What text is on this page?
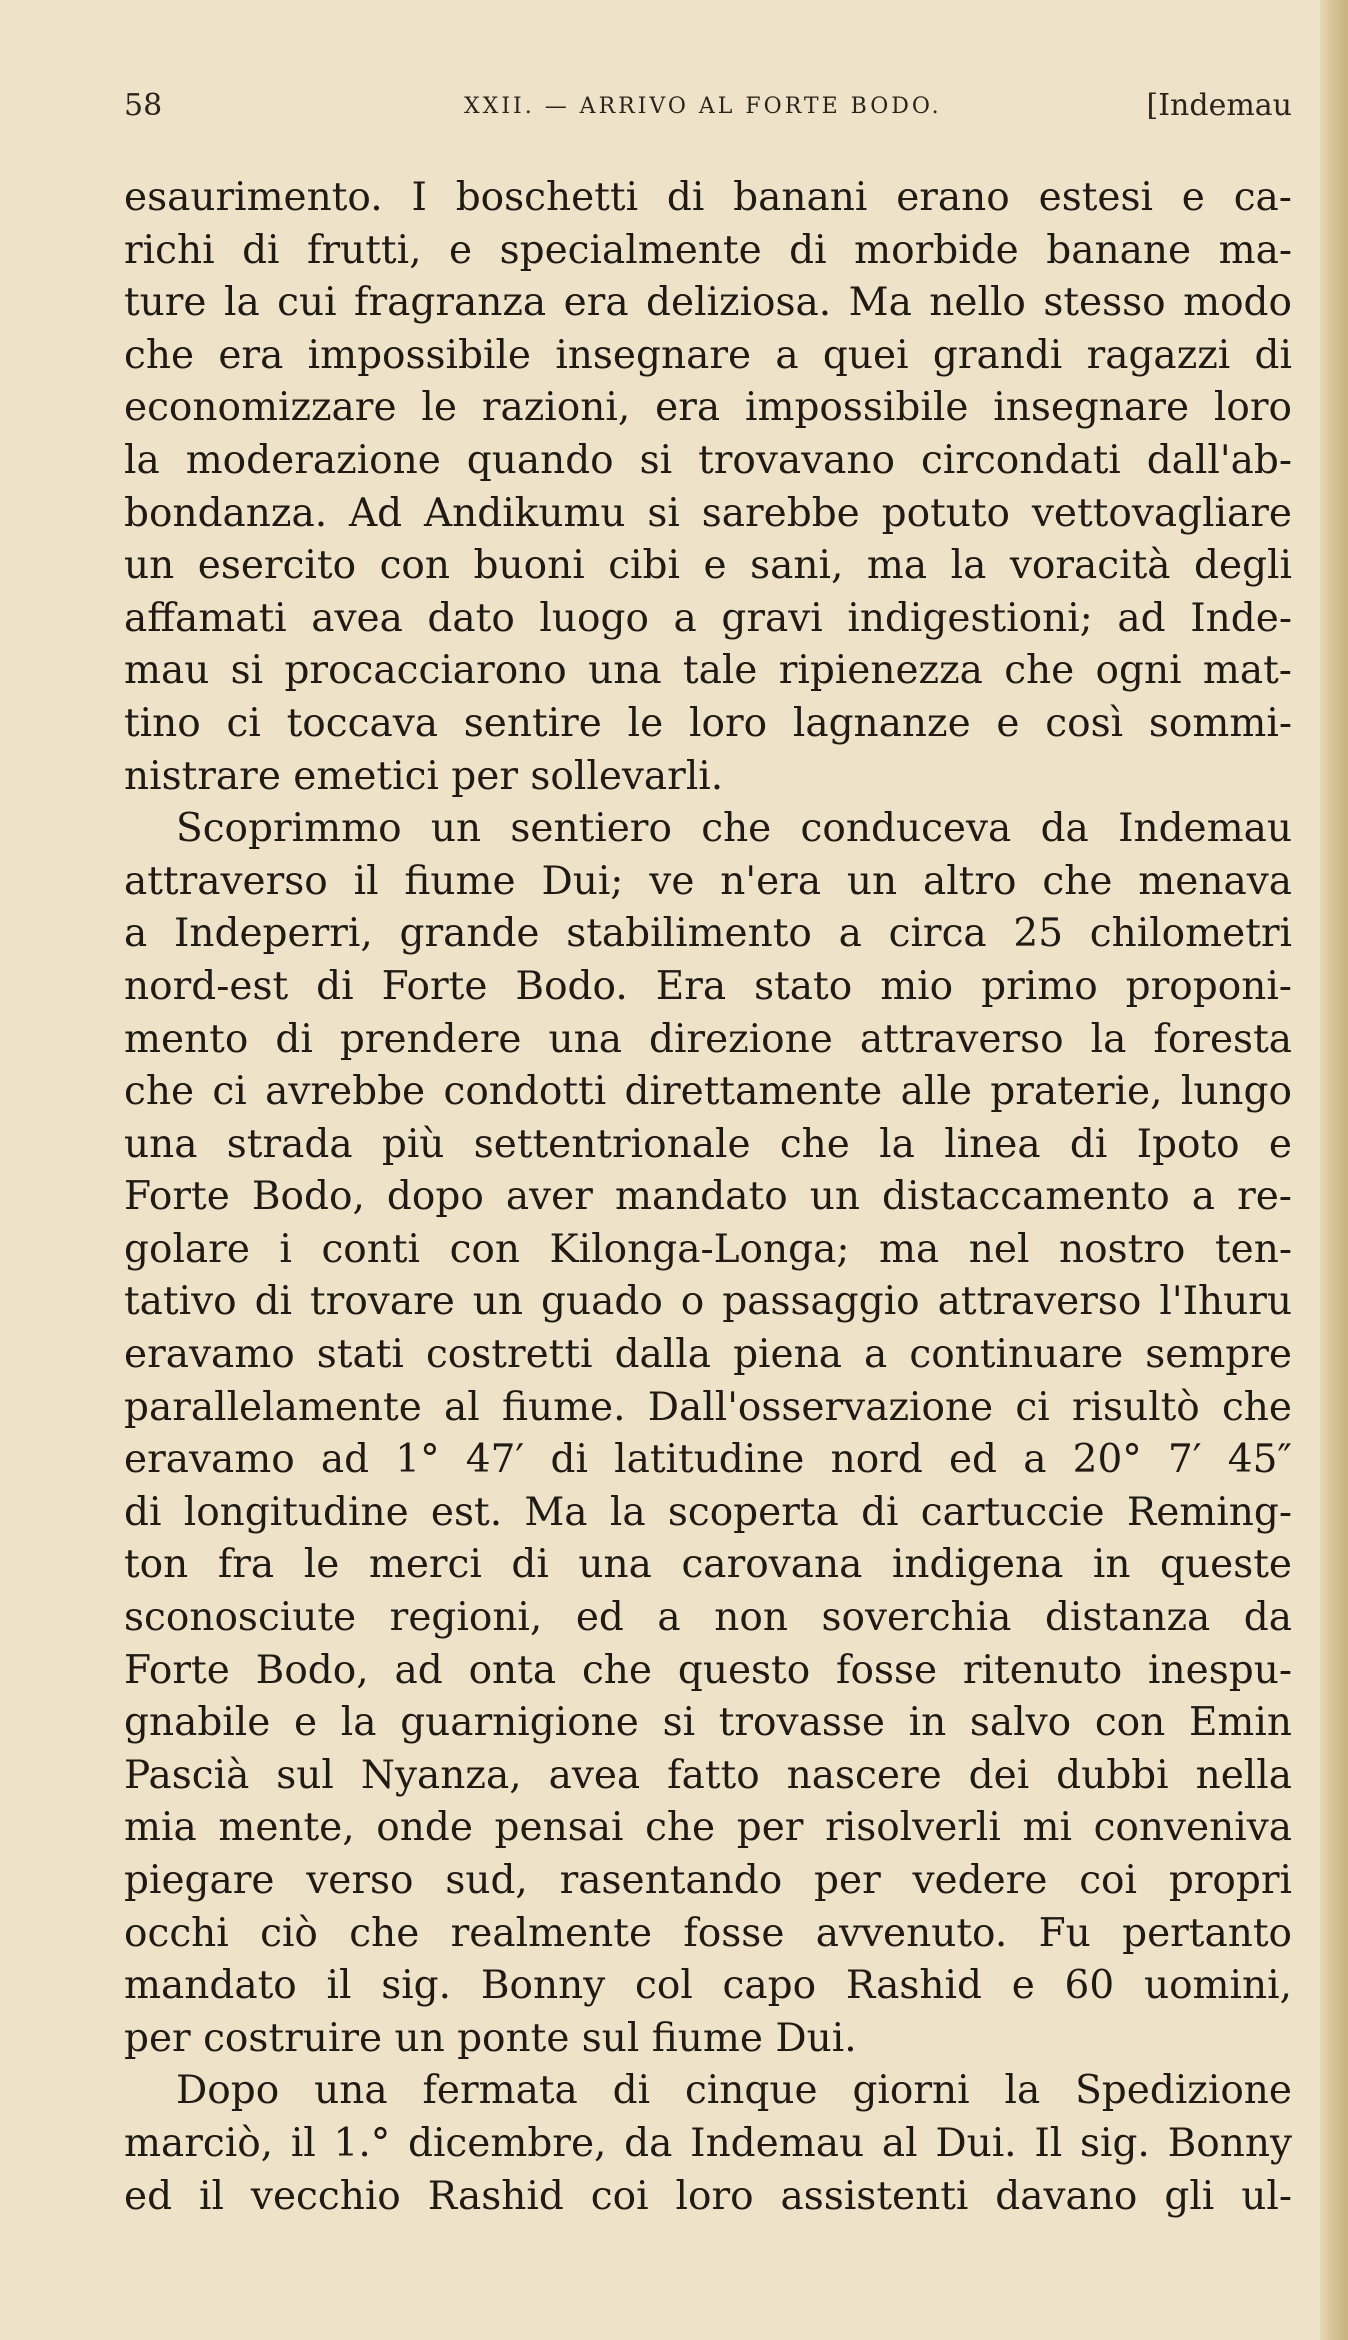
58	XXII. — ARRIVO AL FORTE BODO.	[Indemau
esaurimento. I boschetti di banani erano estesi e ca-
richi di frutti, e specialmente di morbide banane ma-
ture la cui fragranza era deliziosa. Ma nello stesso modo
che era impossibile insegnare a quei grandi ragazzi di
economizzare le razioni, era impossibile insegnare loro
la moderazione quando si trovavano circondati dall'ab-
bondanza. Ad Andikumu si sarebbe potuto vettovagliare
un esercito con buoni cibi e sani, ma la voracità degli
affamati avea dato luogo a gravi indigestioni; ad Inde-
mau si procacciarono una tale ripienezza che ogni mat-
tino ci toccava sentire le loro lagnanze e così sommi-
nistrare emetici per sollevarli.
Scoprimmo un sentiero che conduceva da Indemau
attraverso il fiume Dui; ve n'era un altro che menava
a Indeperri, grande stabilimento a circa 25 chilometri
nord-est di Forte Bodo. Era stato mio primo proponi-
mento di prendere una direzione attraverso la foresta
che ci avrebbe condotti direttamente alle praterie, lungo
una strada più settentrionale che la linea di Ipoto e
Forte Bodo, dopo aver mandato un distaccamento a re-
golare i conti con Kilonga-Longa; ma nel nostro ten-
tativo di trovare un guado o passaggio attraverso l'Ihuru
eravamo stati costretti dalla piena a continuare sempre
parallelamente al fiume. Dall'osservazione ci risultò che
eravamo ad 1° 47′ di latitudine nord ed a 20° 7′ 45″
di longitudine est. Ma la scoperta di cartuccie Reming-
ton fra le merci di una carovana indigena in queste
sconosciute regioni, ed a non soverchia distanza da
Forte Bodo, ad onta che questo fosse ritenuto inespu-
gnabile e la guarnigione si trovasse in salvo con Emin
Pascià sul Nyanza, avea fatto nascere dei dubbi nella
mia mente, onde pensai che per risolverli mi conveniva
piegare verso sud, rasentando per vedere coi propri
occhi ciò che realmente fosse avvenuto. Fu pertanto
mandato il sig. Bonny col capo Rashid e 60 uomini,
per costruire un ponte sul fiume Dui.
Dopo una fermata di cinque giorni la Spedizione
marciò, il 1.° dicembre, da Indemau al Dui. Il sig. Bonny
ed il vecchio Rashid coi loro assistenti davano gli ul-
